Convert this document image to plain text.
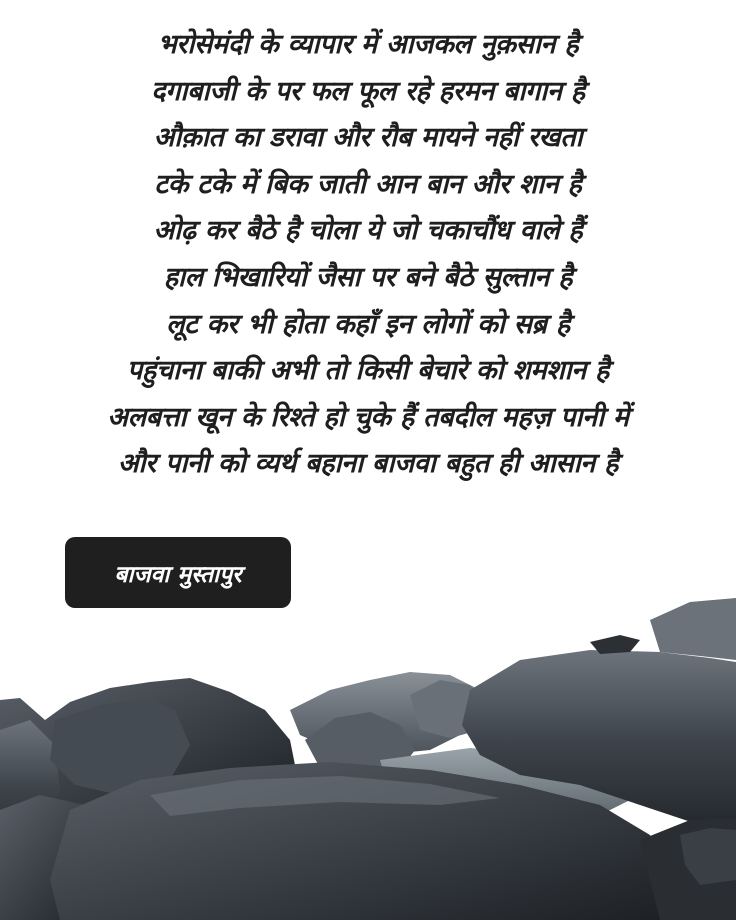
भरोसेमंदी के व्यापार में आजकल नुक़सान है
दगाबाजी के पर फल फूल रहे हरमन बागान है
औक़ात का डरावा और रौब मायने नहीं रखता
टके टके में बिक जाती आन बान और शान है
ओढ़ कर बैठे है चोला ये जो चकाचौंध वाले हैं
हाल भिखारियों जैसा पर बने बैठे सुल्तान है
लूट कर भी होता कहाँ इन लोगों को सब्र है
पहुंचाना बाकी अभी तो किसी बेचारे को शमशान है
अलबत्ता खून के रिश्ते हो चुके हैं तबदील महज़ पानी में
और पानी को व्यर्थ बहाना बाजवा बहुत ही आसान है
बाजवा मुस्तापुर
